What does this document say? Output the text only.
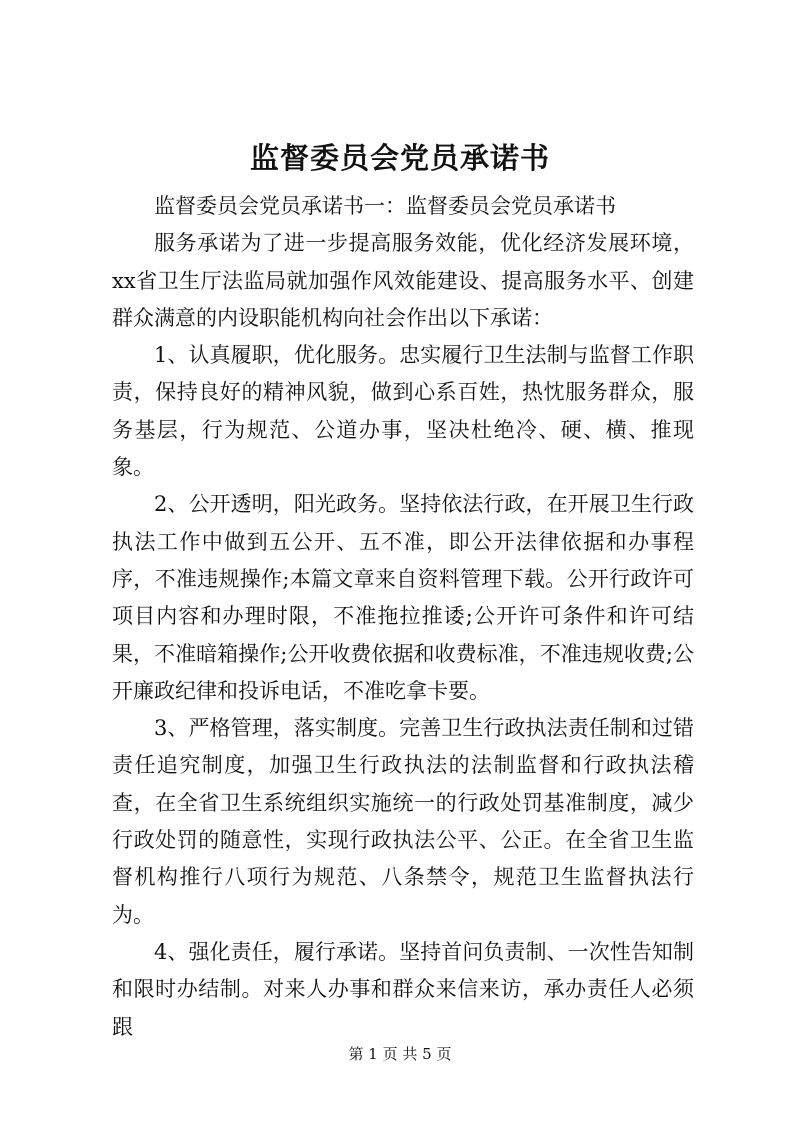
监督委员会党员承诺书

监督委员会党员承诺书一：监督委员会党员承诺书

服务承诺为了进一步提高服务效能，优化经济发展环境，xx省卫生厅法监局就加强作风效能建设、提高服务水平、创建群众满意的内设职能机构向社会作出以下承诺：

1、认真履职，优化服务。忠实履行卫生法制与监督工作职责，保持良好的精神风貌，做到心系百姓，热忱服务群众，服务基层，行为规范、公道办事，坚决杜绝冷、硬、横、推现象。

2、公开透明，阳光政务。坚持依法行政，在开展卫生行政执法工作中做到五公开、五不准，即公开法律依据和办事程序，不准违规操作;本篇文章来自资料管理下载。公开行政许可项目内容和办理时限，不准拖拉推诿;公开许可条件和许可结果，不准暗箱操作;公开收费依据和收费标准，不准违规收费;公开廉政纪律和投诉电话，不准吃拿卡要。

3、严格管理，落实制度。完善卫生行政执法责任制和过错责任追究制度，加强卫生行政执法的法制监督和行政执法稽查，在全省卫生系统组织实施统一的行政处罚基准制度，减少行政处罚的随意性，实现行政执法公平、公正。在全省卫生监督机构推行八项行为规范、八条禁令，规范卫生监督执法行为。

4、强化责任，履行承诺。坚持首问负责制、一次性告知制和限时办结制。对来人办事和群众来信来访，承办责任人必须跟

第 1 页 共 5 页
